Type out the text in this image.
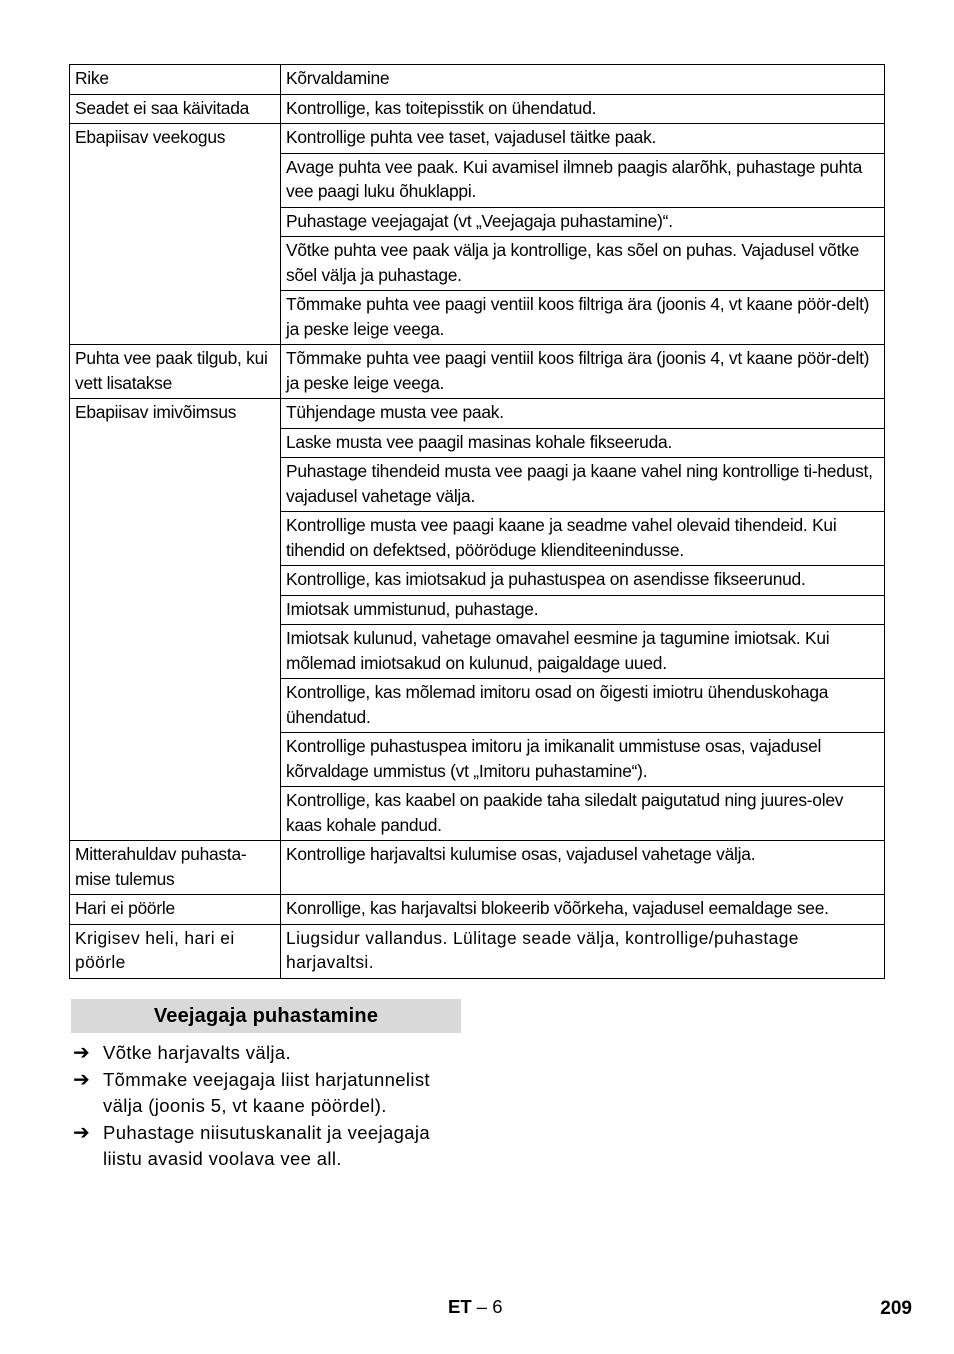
Rike	Kõrvaldamine
Seadet ei saa käivitada	Kontrollige, kas toitepisstik on ühendatud.
Ebapiisav veekogus	Kontrollige puhta vee taset, vajadusel täitke paak.
	Avage puhta vee paak. Kui avamisel ilmneb paagis alarõhk, puhastage puhta vee paagi luku õhuklappi.
	Puhastage veejagajat (vt „Veejagaja puhastamine)“.
	Võtke puhta vee paak välja ja kontrollige, kas sõel on puhas. Vajadusel võtke sõel välja ja puhastage.
	Tõmmake puhta vee paagi ventiil koos filtriga ära (joonis 4, vt kaane pöör-delt) ja peske leige veega.
Puhta vee paak tilgub, kui vett lisatakse	Tõmmake puhta vee paagi ventiil koos filtriga ära (joonis 4, vt kaane pöör-delt) ja peske leige veega.
Ebapiisav imivõimsus	Tühjendage musta vee paak.
	Laske musta vee paagil masinas kohale fikseeruda.
	Puhastage tihendeid musta vee paagi ja kaane vahel ning kontrollige ti-hedust, vajadusel vahetage välja.
	Kontrollige musta vee paagi kaane ja seadme vahel olevaid tihendeid. Kui tihendid on defektsed, pööröduge klienditeenindusse.
	Kontrollige, kas imiotsakud ja puhastuspea on asendisse fikseerunud.
	Imiotsak ummistunud, puhastage.
	Imiotsak kulunud, vahetage omavahel eesmine ja tagumine imiotsak. Kui mõlemad imiotsakud on kulunud, paigaldage uued.
	Kontrollige, kas mõlemad imitoru osad on õigesti imiotru ühenduskohaga ühendatud.
	Kontrollige puhastuspea imitoru ja imikanalit ummistuse osas, vajadusel kõrvaldage ummistus (vt „Imitoru puhastamine“).
	Kontrollige, kas kaabel on paakide taha siledalt paigutatud ning juures-olev kaas kohale pandud.
Mitterahuldav puhasta-mise tulemus	Kontrollige harjavaltsi kulumise osas, vajadusel vahetage välja.
Hari ei pöörle	Konrollige, kas harjavaltsi blokeerib võõrkeha, vajadusel eemaldage see.
Krigisev heli, hari ei pöörle	Liugsidur vallandus. Lülitage seade välja, kontrollige/puhastage harjavaltsi.
Veejagaja puhastamine
➔ Võtke harjavalts välja.
➔ Tõmmake veejagaja liist harjatunnelist välja (joonis 5, vt kaane pöördel).
➔ Puhastage niisutuskanalit ja veejagaja liistu avasid voolava vee all.
ET – 6	209
